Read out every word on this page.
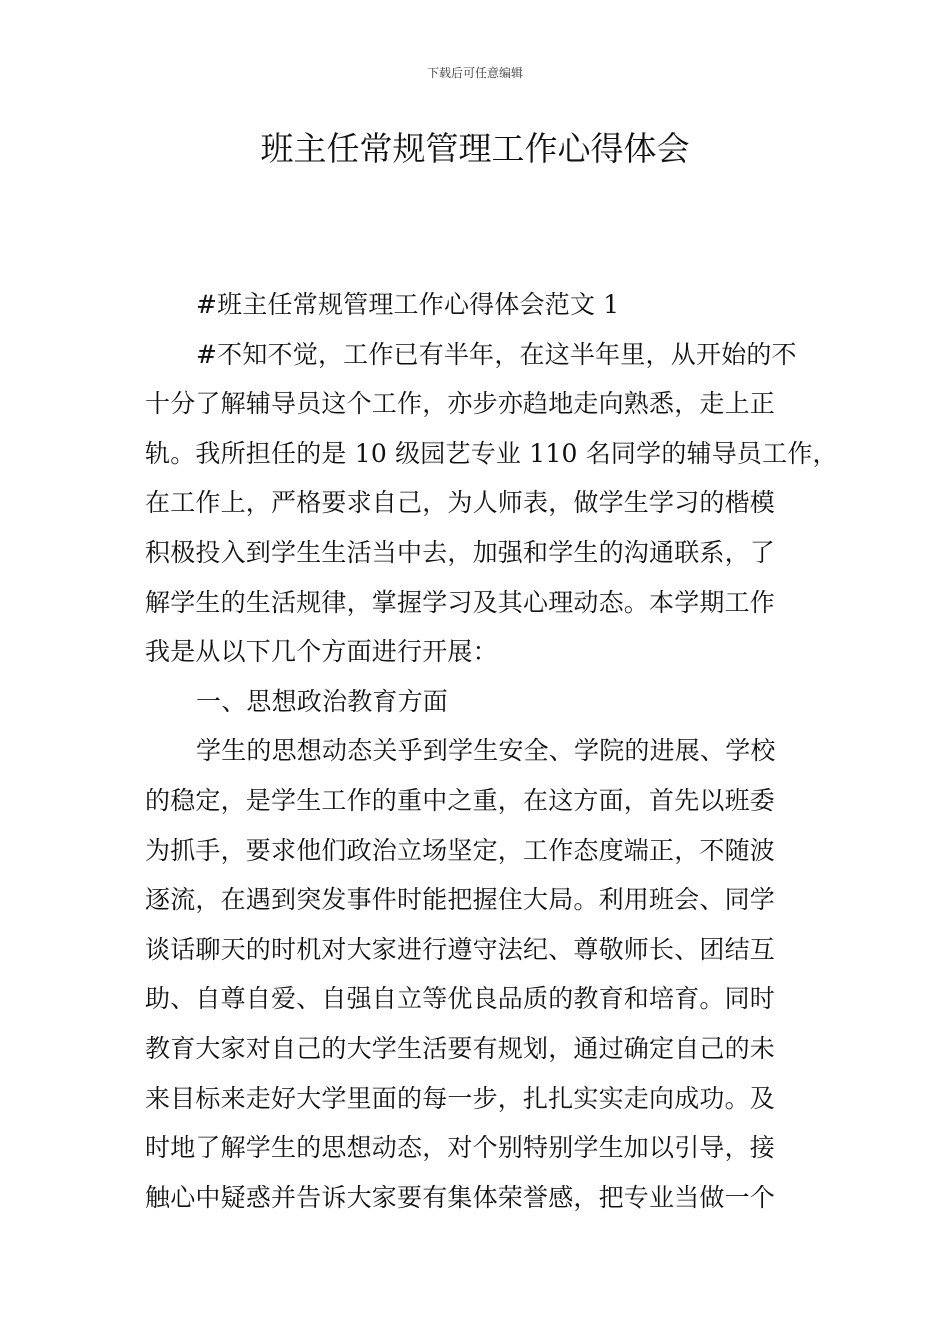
下载后可任意编辑
班主任常规管理工作心得体会
#班主任常规管理工作心得体会范文 1
#不知不觉，工作已有半年，在这半年里，从开始的不
十分了解辅导员这个工作，亦步亦趋地走向熟悉，走上正
轨。我所担任的是 10 级园艺专业 110 名同学的辅导员工作，
在工作上，严格要求自己，为人师表，做学生学习的楷模
积极投入到学生生活当中去，加强和学生的沟通联系，了
解学生的生活规律，掌握学习及其心理动态。本学期工作
我是从以下几个方面进行开展：
一、思想政治教育方面
学生的思想动态关乎到学生安全、学院的进展、学校
的稳定，是学生工作的重中之重，在这方面，首先以班委
为抓手，要求他们政治立场坚定，工作态度端正，不随波
逐流，在遇到突发事件时能把握住大局。利用班会、同学
谈话聊天的时机对大家进行遵守法纪、尊敬师长、团结互
助、自尊自爱、自强自立等优良品质的教育和培育。同时
教育大家对自己的大学生活要有规划，通过确定自己的未
来目标来走好大学里面的每一步，扎扎实实走向成功。及
时地了解学生的思想动态，对个别特别学生加以引导，接
触心中疑惑并告诉大家要有集体荣誉感，把专业当做一个
